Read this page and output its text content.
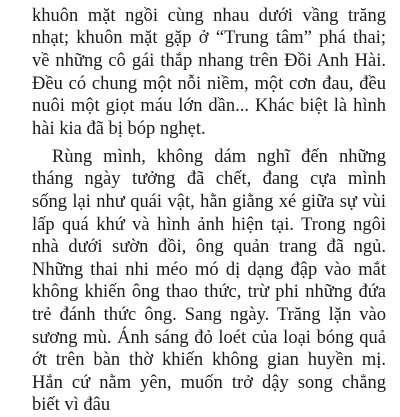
khuôn mặt ngồi cùng nhau dưới vầng trăng
nhạt; khuôn mặt gặp ở “Trung tâm” phá thai;
về những cô gái thắp nhang trên Đồi Anh Hài.
Đều có chung một nỗi niềm, một cơn đau, đều
nuôi một giọt máu lớn dần... Khác biệt là hình
hài kia đã bị bóp nghẹt.
Rùng mình, không dám nghĩ đến những
tháng ngày tưởng đã chết, đang cựa mình
sống lại như quái vật, hằn giằng xé giữa sự vùi
lấp quá khứ và hình ảnh hiện tại. Trong ngôi
nhà dưới sườn đồi, ông quản trang đã ngủ.
Những thai nhi méo mó dị dạng đập vào mắt
không khiến ông thao thức, trừ phi những đứa
trẻ đánh thức ông. Sang ngày. Trăng lặn vào
sương mù. Ánh sáng đỏ loét của loại bóng quả
ớt trên bàn thờ khiến không gian huyền mị.
Hắn cứ nằm yên, muốn trở dậy song chẳng
biết vì đâu
